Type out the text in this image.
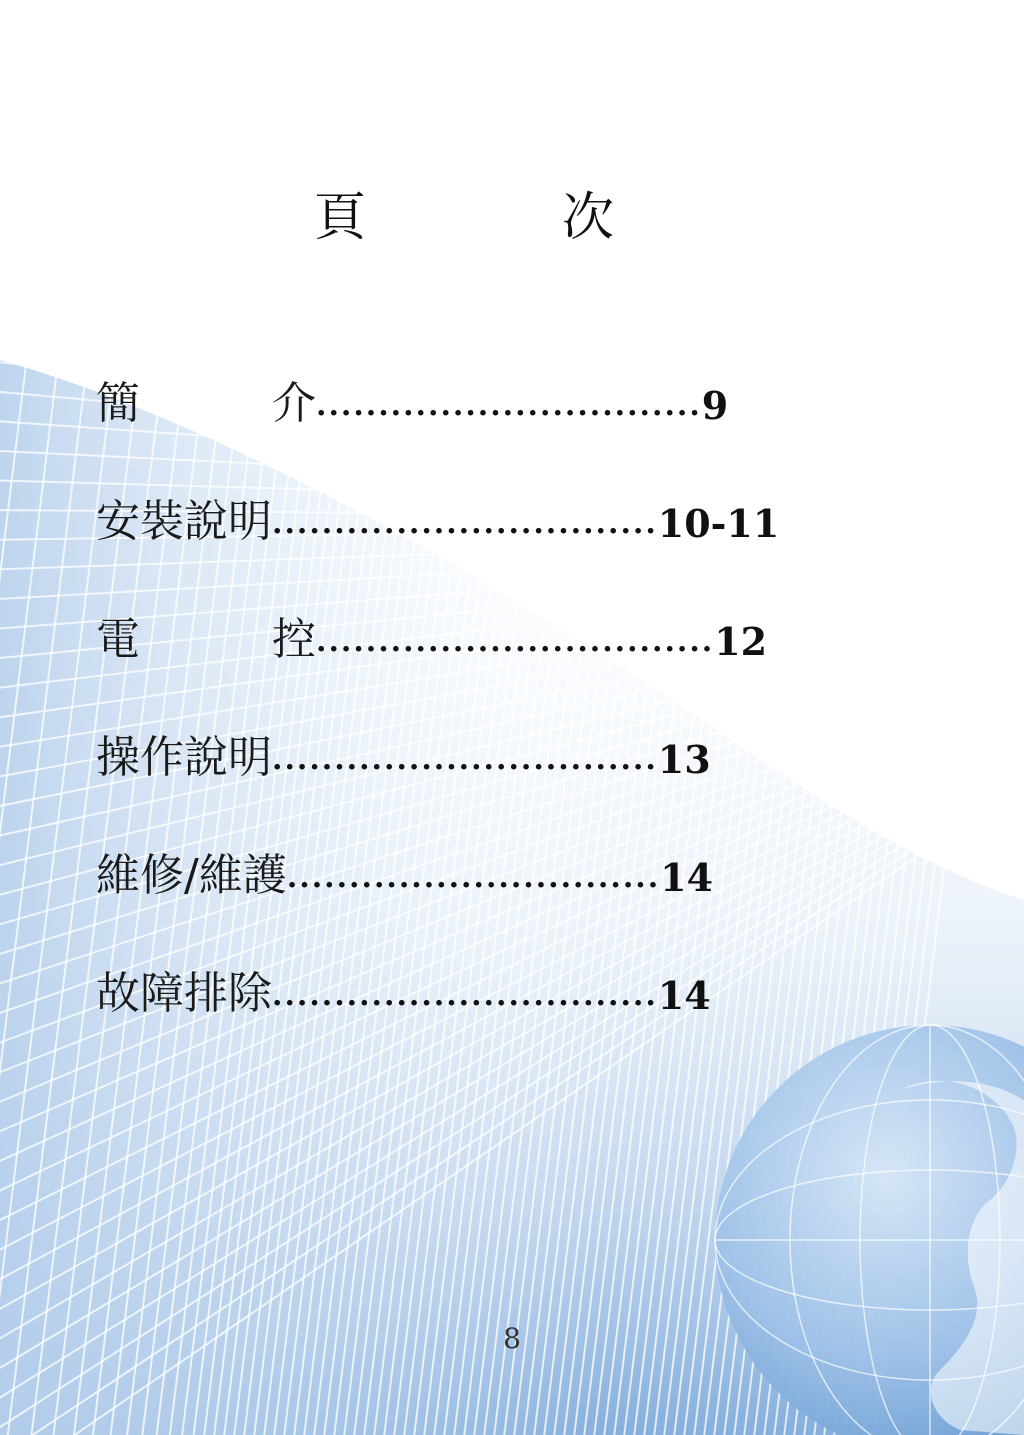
頁	次
簡　　　介 ............................... 9
安裝說明 ............................... 10-11
電　　　控 ................................ 12
操作說明 ............................... 13
維修/維護 .............................. 14
故障排除 ............................... 14
8
